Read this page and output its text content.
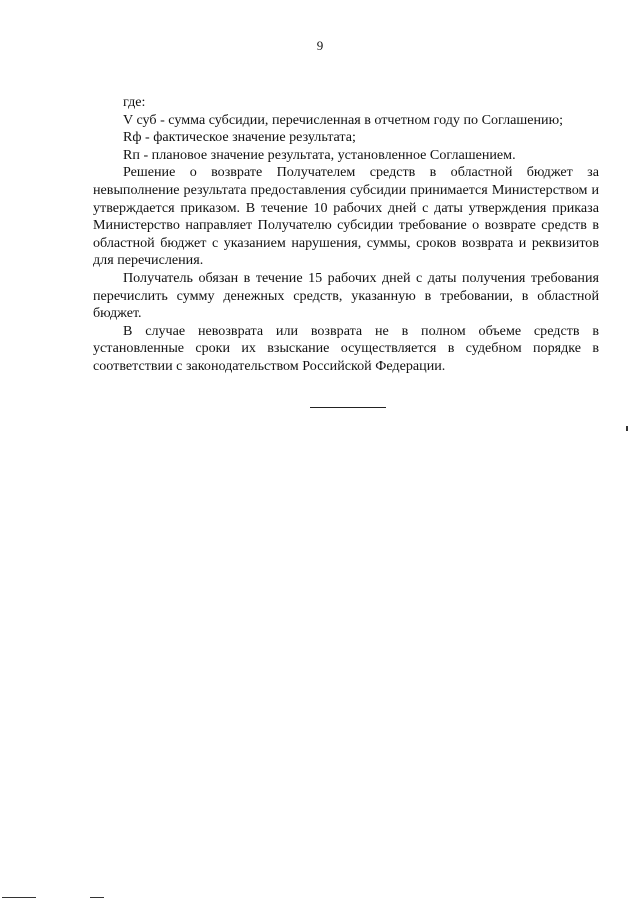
9

где:

V суб - сумма субсидии, перечисленная в отчетном году по Соглашению;

Rф - фактическое значение результата;

Rп - плановое значение результата, установленное Соглашением.

Решение о возврате Получателем средств в областной бюджет за невыполнение результата предоставления субсидии принимается Министерством и утверждается приказом. В течение 10 рабочих дней с даты утверждения приказа Министерство направляет Получателю субсидии требование о возврате средств в областной бюджет с указанием нарушения, суммы, сроков возврата и реквизитов для перечисления.

Получатель обязан в течение 15 рабочих дней с даты получения требования перечислить сумму денежных средств, указанную в требовании, в областной бюджет.

В случае невозврата или возврата не в полном объеме средств в установленные сроки их взыскание осуществляется в судебном порядке в соответствии с законодательством Российской Федерации.
